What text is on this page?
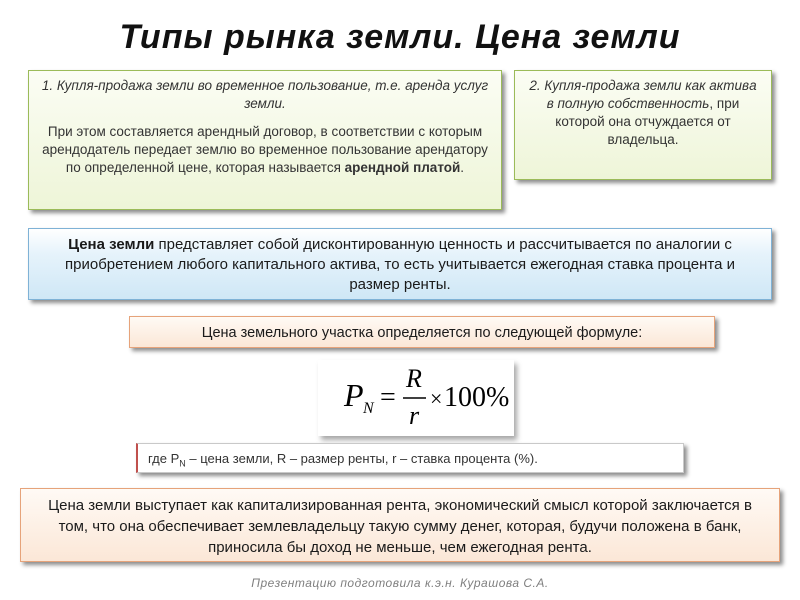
Типы рынка земли. Цена земли

1. Купля-продажа земли во временное пользование, т.е. аренда услуг земли.

При этом составляется арендный договор, в соответствии с которым арендодатель передает землю во временное пользование арендатору по определенной цене, которая называется арендной платой.

2. Купля-продажа земли как активa в полную собственность, при которой она отчуждается от владельца.
Цена земли представляет собой дисконтированную ценность и рассчитывается по аналогии с приобретением любого капитального актива, то есть учитывается ежегодная ставка процента и размер ренты.
Цена земельного участка определяется по следующей формуле:
P N =
R
r
× 100%
где $P_N$ – цена земли, R – размер ренты, r – ставка процента (%).
Цена земли выступает как капитализированная рента, экономический смысл которой заключается в том, что она обеспечивает землевладельцу такую сумму денег, которая, будучи положена в банк, приносила бы доход не меньше, чем ежегодная рента.
Презентацию подготовила к.э.н. Курашова С.А.
